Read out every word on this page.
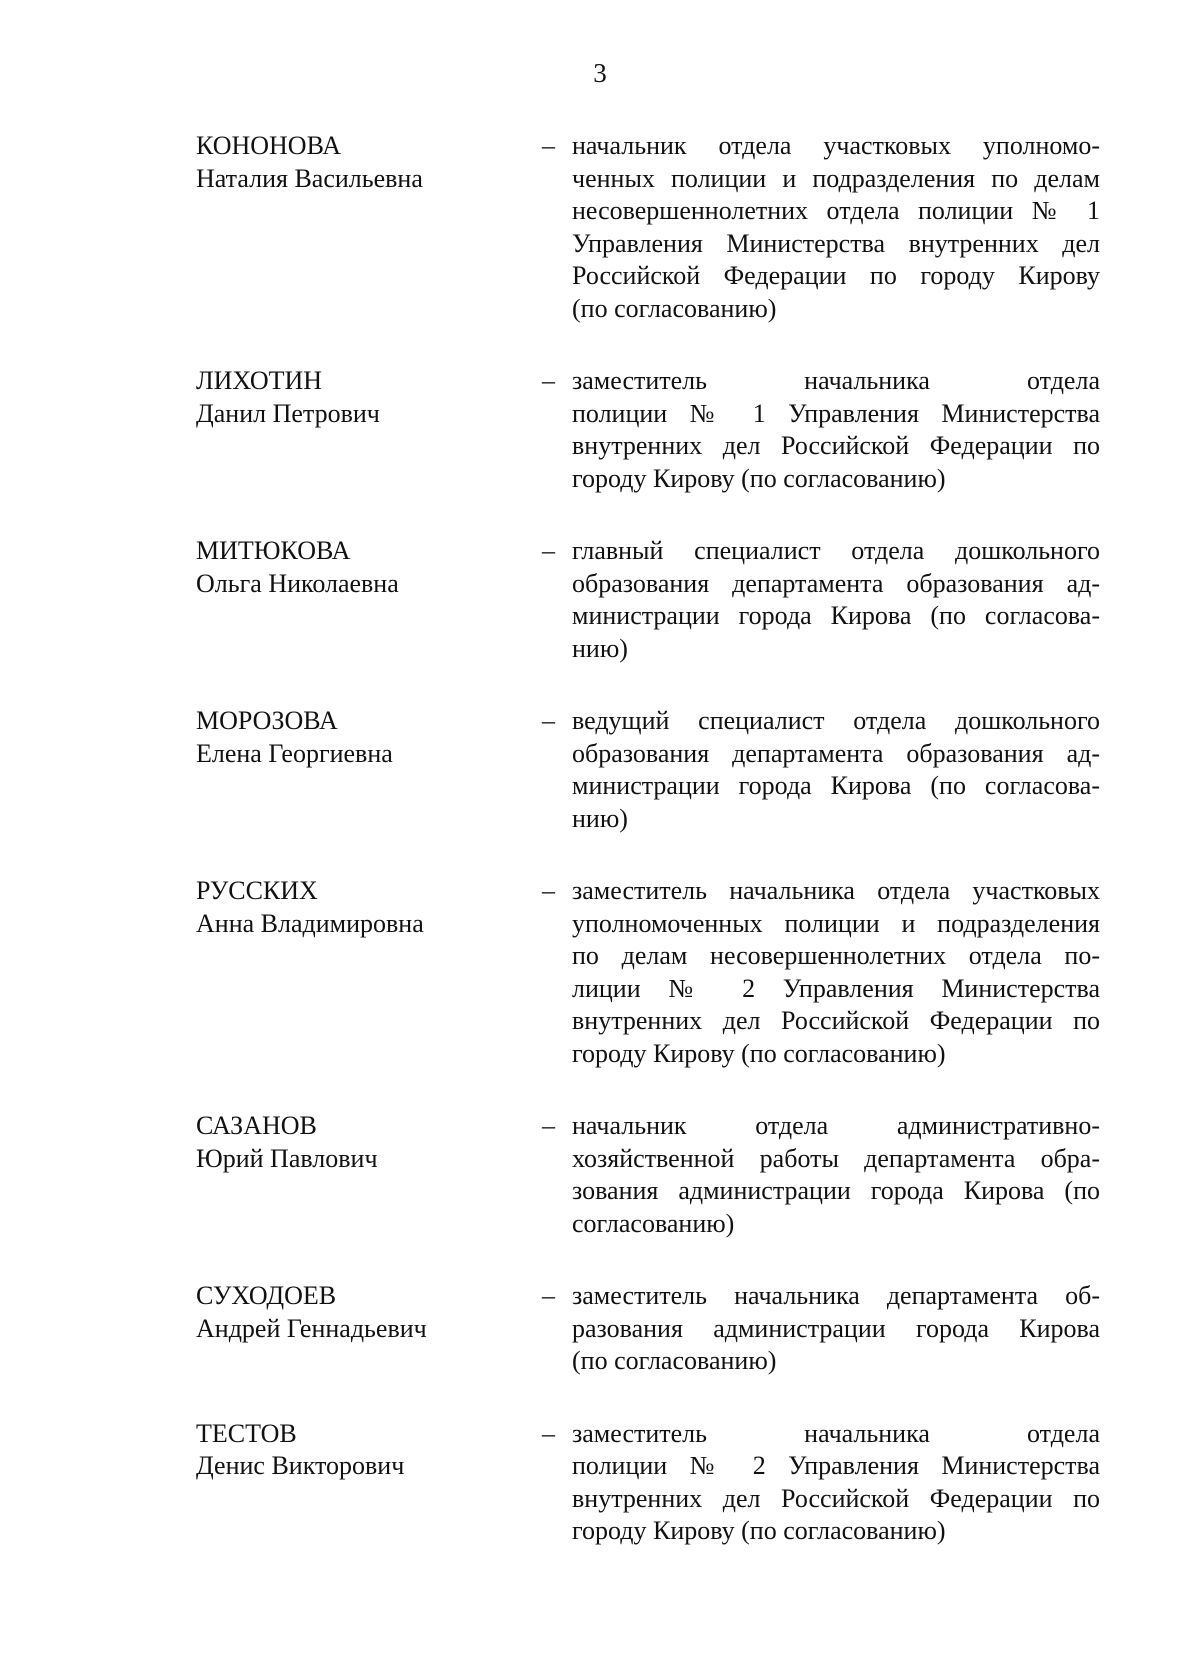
3
КОНОНОВА
Наталия Васильевна
– начальник отдела участковых уполномо-
ченных полиции и подразделения по делам
несовершеннолетних отдела полиции № 1
Управления Министерства внутренних дел
Российской Федерации по городу Кирову
(по согласованию)
ЛИХОТИН
Данил Петрович
– заместитель начальника отдела
полиции № 1 Управления Министерства
внутренних дел Российской Федерации по
городу Кирову (по согласованию)
МИТЮКОВА
Ольга Николаевна
– главный специалист отдела дошкольного
образования департамента образования ад-
министрации города Кирова (по согласова-
нию)
МОРОЗОВА
Елена Георгиевна
– ведущий специалист отдела дошкольного
образования департамента образования ад-
министрации города Кирова (по согласова-
нию)
РУССКИХ
Анна Владимировна
– заместитель начальника отдела участковых
уполномоченных полиции и подразделения
по делам несовершеннолетних отдела по-
лиции № 2 Управления Министерства
внутренних дел Российской Федерации по
городу Кирову (по согласованию)
САЗАНОВ
Юрий Павлович
– начальник отдела административно-
хозяйственной работы департамента обра-
зования администрации города Кирова (по
согласованию)
СУХОДОЕВ
Андрей Геннадьевич
– заместитель начальника департамента об-
разования администрации города Кирова
(по согласованию)
ТЕСТОВ
Денис Викторович
– заместитель начальника отдела
полиции № 2 Управления Министерства
внутренних дел Российской Федерации по
городу Кирову (по согласованию)
